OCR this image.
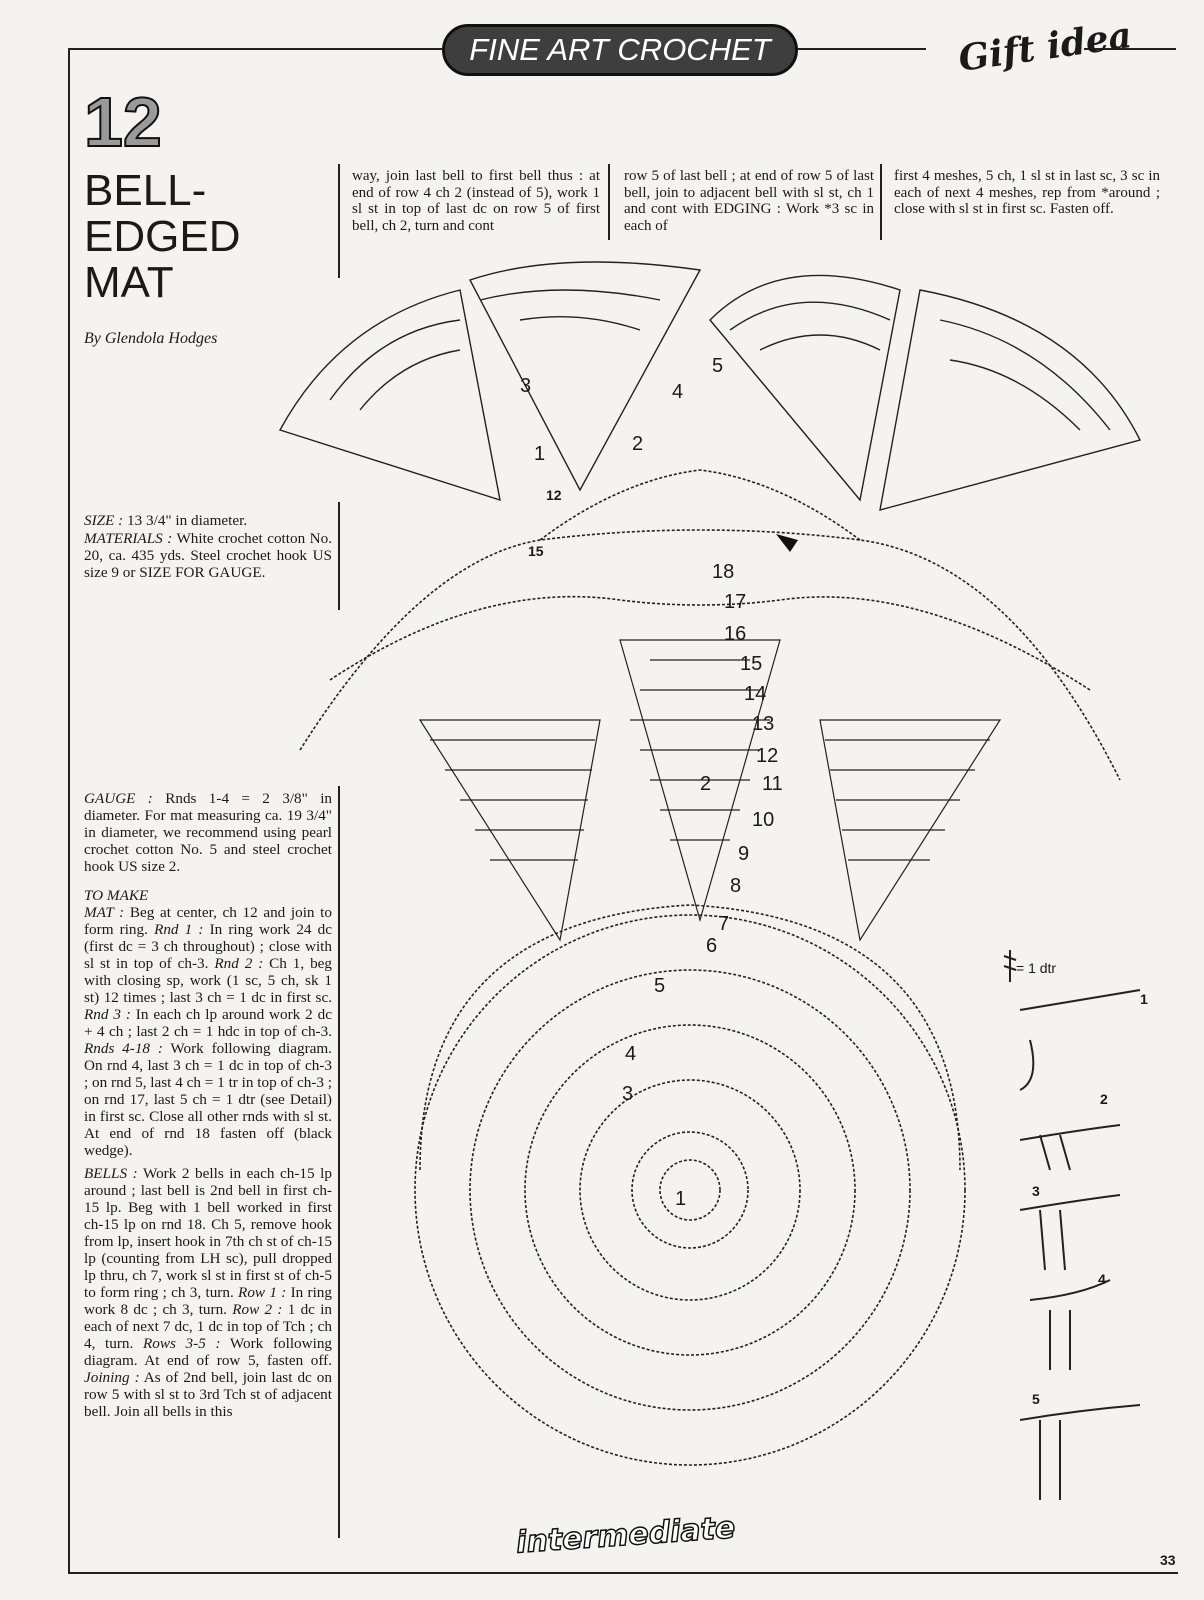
FINE ART CROCHET	Gift idea
12
BELL-
EDGED
MAT
By Glendola Hodges
way, join last bell to first bell thus : at end of row 4 ch 2 (instead of 5), work 1 sl st in top of last dc on row 5 of first bell, ch 2, turn and cont
row 5 of last bell ; at end of row 5 of last bell, join to adjacent bell with sl st, ch 1 and cont with EDGING : Work *3 sc in each of
first 4 meshes, 5 ch, 1 sl st in last sc, 3 sc in each of next 4 meshes, rep from *around ; close with sl st in first sc. Fasten off.

SIZE : 13 3/4" in diameter.

MATERIALS : White crochet cotton No. 20, ca. 435 yds. Steel crochet hook US size 9 or SIZE FOR GAUGE.

GAUGE : Rnds 1-4 = 2 3/8" in diameter. For mat measuring ca. 19 3/4" in diameter, we recommend using pearl crochet cotton No. 5 and steel crochet hook US size 2.

TO MAKE

MAT : Beg at center, ch 12 and join to form ring. Rnd 1 : In ring work 24 dc (first dc = 3 ch throughout) ; close with sl st in top of ch-3. Rnd 2 : Ch 1, beg with closing sp, work (1 sc, 5 ch, sk 1 st) 12 times ; last 3 ch = 1 dc in first sc. Rnd 3 : In each ch lp around work 2 dc + 4 ch ; last 2 ch = 1 hdc in top of ch-3. Rnds 4-18 : Work following diagram. On rnd 4, last 3 ch = 1 dc in top of ch-3 ; on rnd 5, last 4 ch = 1 tr in top of ch-3 ; on rnd 17, last 5 ch = 1 dtr (see Detail) in first sc. Close all other rnds with sl st. At end of rnd 18 fasten off (black wedge).

BELLS : Work 2 bells in each ch-15 lp around ; last bell is 2nd bell in first ch-15 lp. Beg with 1 bell worked in first ch-15 lp on rnd 18. Ch 5, remove hook from lp, insert hook in 7th ch st of ch-15 lp (counting from LH sc), pull dropped lp thru, ch 7, work sl st in first st of ch-5 to form ring ; ch 3, turn. Row 1 : In ring work 8 dc ; ch 3, turn. Row 2 : 1 dc in each of next 7 dc, 1 dc in top of Tch ; ch 4, turn. Rows 3-5 : Work following diagram. At end of row 5, fasten off. Joining : As of 2nd bell, join last dc on row 5 with sl st to 3rd Tch st of adjacent bell. Join all bells in this

1
2
3
4
5
6
7
8
9
10
11
12
13
14
15
16
17
18
1	2
3	4
5
12
15
1
2
3
4
5
= 1 dtr
intermediate	33
